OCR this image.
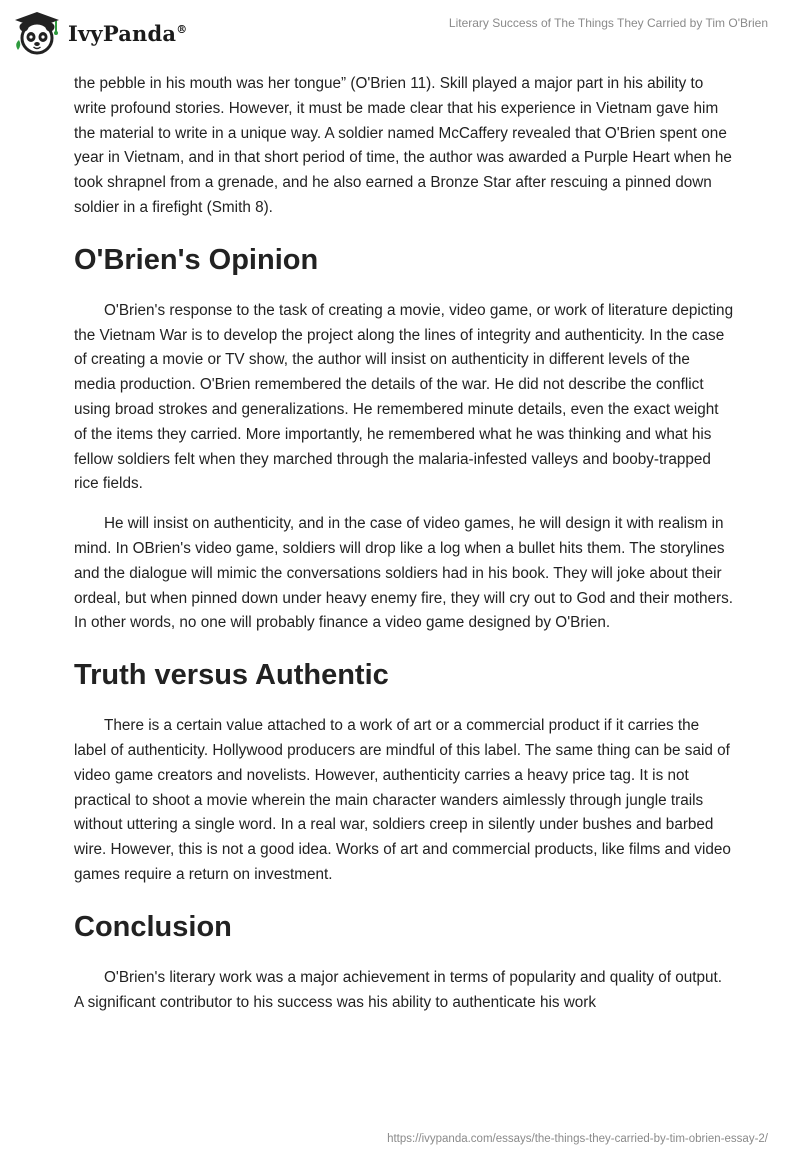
IvyPanda®	Literary Success of The Things They Carried by Tim O'Brien

the pebble in his mouth was her tongue” (O'Brien 11). Skill played a major part in his ability to write profound stories. However, it must be made clear that his experience in Vietnam gave him the material to write in a unique way. A soldier named McCaffery revealed that O'Brien spent one year in Vietnam, and in that short period of time, the author was awarded a Purple Heart when he took shrapnel from a grenade, and he also earned a Bronze Star after rescuing a pinned down soldier in a firefight (Smith 8).

O'Brien's Opinion

O'Brien's response to the task of creating a movie, video game, or work of literature depicting the Vietnam War is to develop the project along the lines of integrity and authenticity. In the case of creating a movie or TV show, the author will insist on authenticity in different levels of the media production. O'Brien remembered the details of the war. He did not describe the conflict using broad strokes and generalizations. He remembered minute details, even the exact weight of the items they carried. More importantly, he remembered what he was thinking and what his fellow soldiers felt when they marched through the malaria-infested valleys and booby-trapped rice fields.

He will insist on authenticity, and in the case of video games, he will design it with realism in mind. In OBrien's video game, soldiers will drop like a log when a bullet hits them. The storylines and the dialogue will mimic the conversations soldiers had in his book. They will joke about their ordeal, but when pinned down under heavy enemy fire, they will cry out to God and their mothers. In other words, no one will probably finance a video game designed by O'Brien.

Truth versus Authentic

There is a certain value attached to a work of art or a commercial product if it carries the label of authenticity. Hollywood producers are mindful of this label. The same thing can be said of video game creators and novelists. However, authenticity carries a heavy price tag. It is not practical to shoot a movie wherein the main character wanders aimlessly through jungle trails without uttering a single word. In a real war, soldiers creep in silently under bushes and barbed wire. However, this is not a good idea. Works of art and commercial products, like films and video games require a return on investment.

Conclusion

O'Brien's literary work was a major achievement in terms of popularity and quality of output. A significant contributor to his success was his ability to authenticate his work

https://ivypanda.com/essays/the-things-they-carried-by-tim-obrien-essay-2/
